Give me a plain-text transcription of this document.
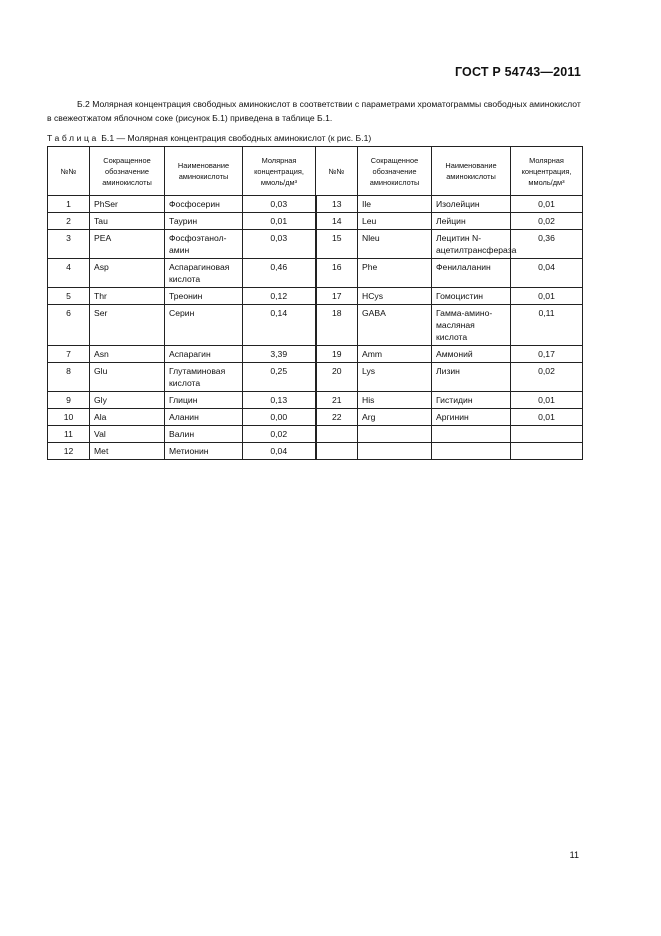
ГОСТ Р 54743—2011
Б.2 Молярная концентрация свободных аминокислот в соответствии с параметрами хроматограммы свободных аминокислот в свежеотжатом яблочном соке (рисунок Б.1) приведена в таблице Б.1.
Таблица Б.1 — Молярная концентрация свободных аминокислот (к рис. Б.1)
№№	Сокращенное обозначение аминокислоты	Наименование аминокислоты	Молярная концентрация, ммоль/дм³	№№	Сокращенное обозначение аминокислоты	Наименование аминокислоты	Молярная концентрация, ммоль/дм³
1	PhSer	Фосфосерин	0,03	13	Ile	Изолейцин	0,01
2	Tau	Таурин	0,01	14	Leu	Лейцин	0,02
3	PEA	Фосфоэтанол-амин	0,03	15	Nleu	Лецитин N-ацетилтрансфераза	0,36
4	Asp	Аспарагиновая кислота	0,46	16	Phe	Фенилаланин	0,04
5	Thr	Треонин	0,12	17	HCys	Гомоцистин	0,01
6	Ser	Серин	0,14	18	GABA	Гамма-амино-масляная кислота	0,11
7	Asn	Аспарагин	3,39	19	Amm	Аммоний	0,17
8	Glu	Глутаминовая кислота	0,25	20	Lys	Лизин	0,02
9	Gly	Глицин	0,13	21	His	Гистидин	0,01
10	Ala	Аланин	0,00	22	Arg	Аргинин	0,01
11	Val	Валин	0,02				
12	Met	Метионин	0,04				
11
